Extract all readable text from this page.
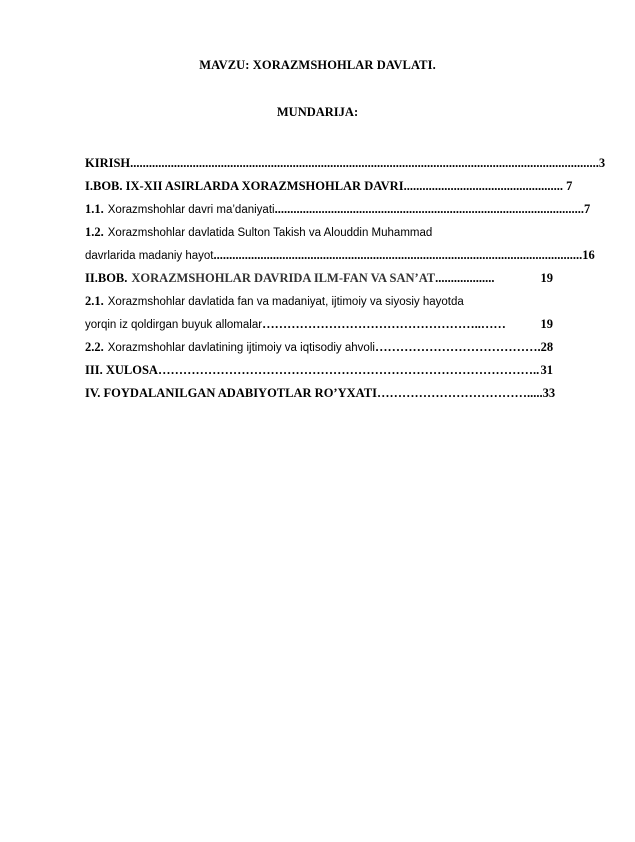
MAVZU: XORAZMSHOHLAR DAVLATI.
MUNDARIJA:
KIRISH ...................................................................................................................................................... 3
I.BOB. IX-XII ASIRLARDA XORAZMSHOHLAR DAVRI ................................................... 7
1.1. Xorazmshohlar davri ma’daniyati ................................................................................................... 7
1.2. Xorazmshohlar davlatida Sulton Takish va Alouddin Muhammad
davrlarida madaniy hayot ...................................................................................................................... 16
II.BOB. XORAZMSHOHLAR DAVRIDA ILM-FAN VA SAN’AT ...................	19
2.1. Xorazmshohlar davlatida fan va madaniyat, ijtimoiy va siyosiy hayotda
yorqin iz qoldirgan buyuk allomalar ……………………………………………..……	19
2.2. Xorazmshohlar davlatining ijtimoiy va iqtisodiy ahvoli …………………………………. 28
III. XULOSA ……………………………………………………………………………….. 31
IV. FOYDALANILGAN ADABIYOTLAR RO’YXATI ………………………………..... 33
